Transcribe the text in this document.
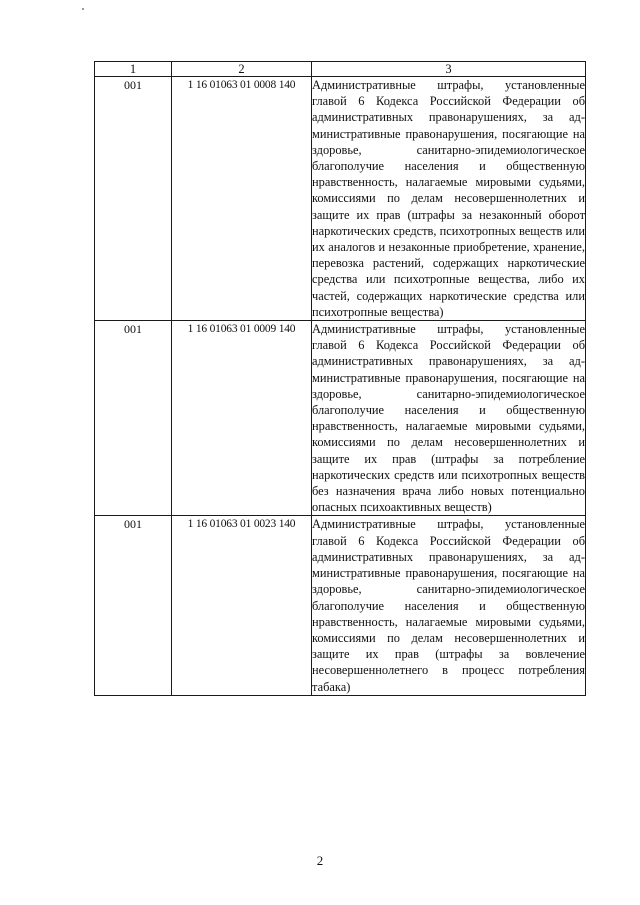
1	2	3
001	1 16 01063 01 0008 140	Административные штрафы, установленные главой 6 Кодекса Российской Федерации об административных правонарушениях, за административные правонарушения, посягающие на здоровье, санитарно-эпидемиологическое благополучие населения и общественную нравственность, налагаемые мировыми судьями, комиссиями по делам несовершеннолетних и защите их прав (штрафы за незаконный оборот наркотических средств, психотропных веществ или их аналогов и незаконные приобретение, хранение, перевозка растений, содержащих наркотические средства или психотропные вещества, либо их частей, содержащих наркотические средства или психотропные вещества)
001	1 16 01063 01 0009 140	Административные штрафы, установленные главой 6 Кодекса Российской Федерации об административных правонарушениях, за административные правонарушения, посягающие на здоровье, санитарно-эпидемиологическое благополучие населения и общественную нравственность, налагаемые мировыми судьями, комиссиями по делам несовершеннолетних и защите их прав (штрафы за потребление наркотических средств или психотропных веществ без назначения врача либо новых потенциально опасных психоактивных веществ)
001	1 16 01063 01 0023 140	Административные штрафы, установленные главой 6 Кодекса Российской Федерации об административных правонарушениях, за административные правонарушения, посягающие на здоровье, санитарно-эпидемиологическое благополучие населения и общественную нравственность, налагаемые мировыми судьями, комиссиями по делам несовершеннолетних и защите их прав (штрафы за вовлечение несовершеннолетнего в процесс потребления табака)
2
